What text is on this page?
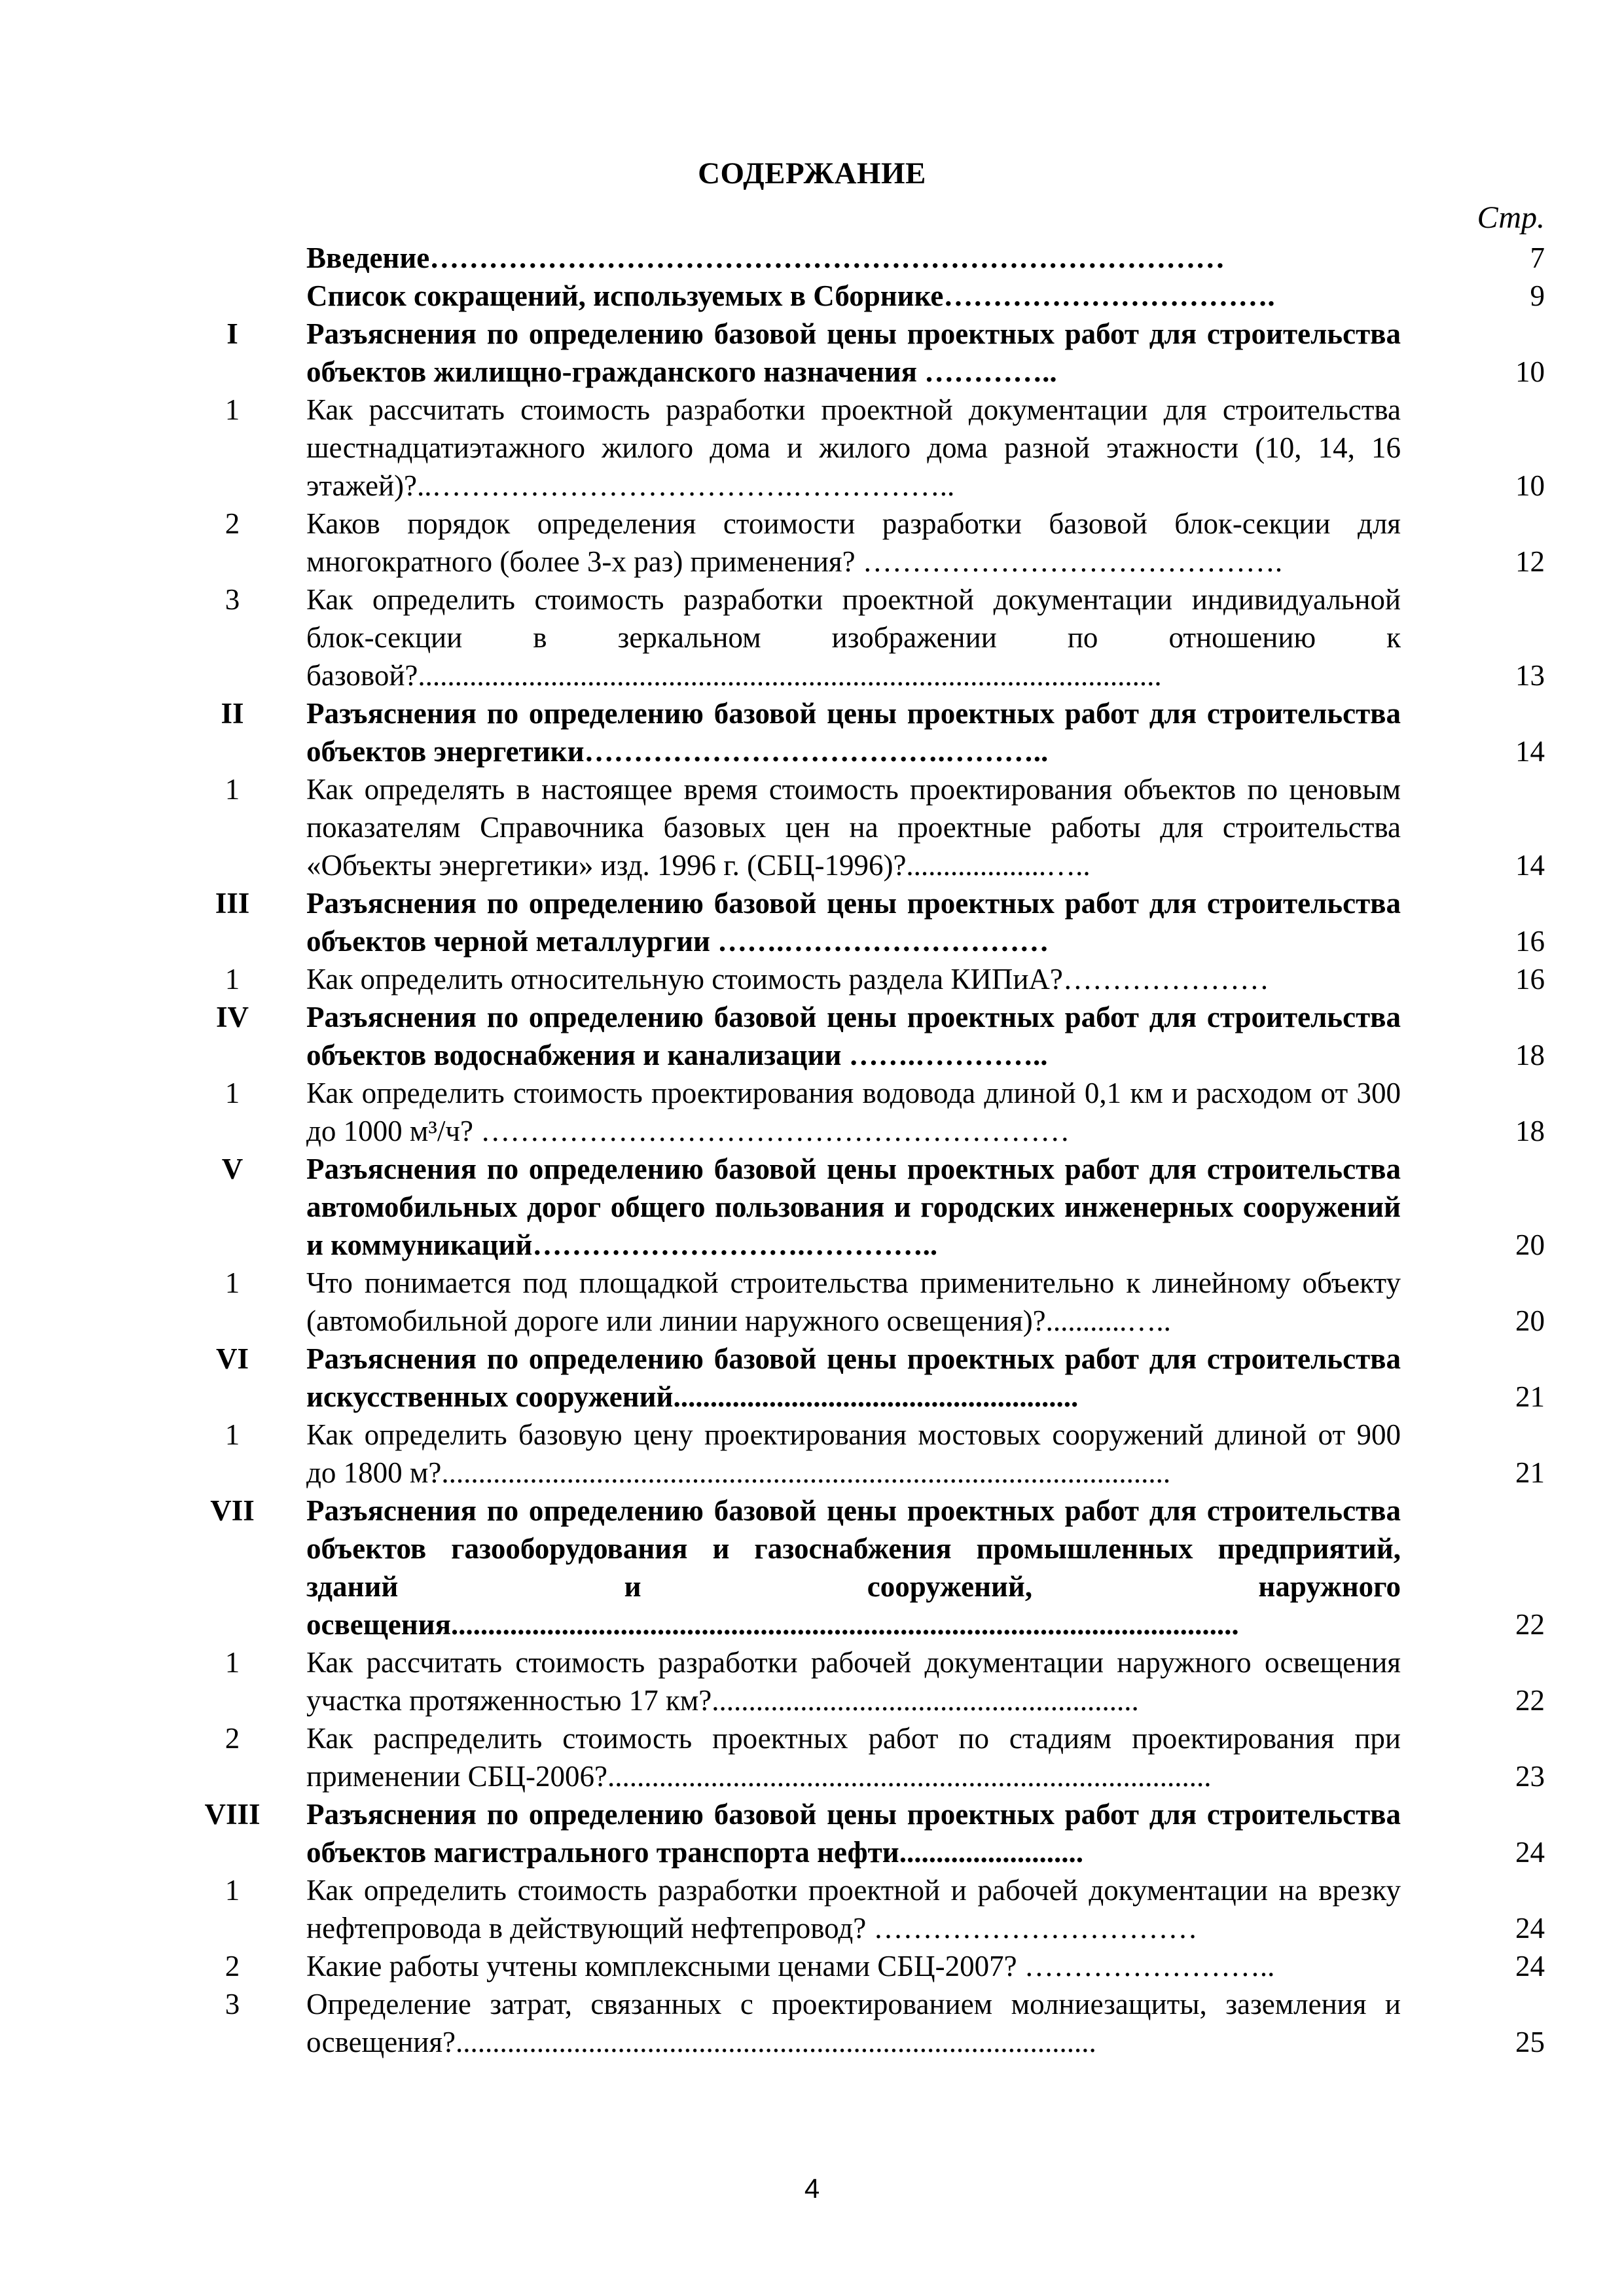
СОДЕРЖАНИЕ
Стр.
Введение………………………………………………………………………	7
Список сокращений, используемых в Сборнике…………………………….	9
I	Разъяснения по определению базовой цены проектных работ для строительства объектов жилищно-гражданского назначения …………..	10
1	Как рассчитать стоимость разработки проектной документации для строительства шестнадцатиэтажного жилого дома и жилого дома разной этажности (10, 14, 16 этажей)?..……………………………….……………..	10
2	Каков порядок определения стоимости разработки базовой блок-секции для многократного (более 3-х раз) применения? …………………………………….	12
3	Как определить стоимость разработки проектной документации индивидуальной блок-секции в зеркальном изображении по отношению к базовой?.....................................................................................................	13
II	Разъяснения по определению базовой цены проектных работ для строительства объектов энергетики……………………………….………..	14
1	Как определять в настоящее время стоимость проектирования объектов по ценовым показателям Справочника базовых цен на проектные работы для строительства «Объекты энергетики» изд. 1996 г. (СБЦ-1996)?...................…..	14
III	Разъяснения по определению базовой цены проектных работ для строительства объектов черной металлургии …….………………………	16
1	Как определить относительную стоимость раздела КИПиА?…………………	16
IV	Разъяснения по определению базовой цены проектных работ для строительства объектов водоснабжения и канализации …….…………..	18
1	Как определить стоимость проектирования водовода длиной 0,1 км и расходом от 300 до 1000 м³/ч? ……………………………………………………	18
V	Разъяснения по определению базовой цены проектных работ для строительства автомобильных дорог общего пользования и городских инженерных сооружений и коммуникаций……………………….…………..	20
1	Что понимается под площадкой строительства применительно к линейному объекту (автомобильной дороге или линии наружного освещения)?...........…..	20
VI	Разъяснения по определению базовой цены проектных работ для строительства искусственных сооружений.......................................................	21
1	Как определить базовую цену проектирования мостовых сооружений длиной от 900 до 1800 м?...................................................................................................	21
VII	Разъяснения по определению базовой цены проектных работ для строительства объектов газооборудования и газоснабжения промышленных предприятий, зданий и сооружений, наружного освещения...........................................................................................................	22
1	Как рассчитать стоимость разработки рабочей документации наружного освещения участка протяженностью 17 км?..........................................................	22
2	Как распределить стоимость проектных работ по стадиям проектирования при применении СБЦ-2006?..................................................................................	23
VIII	Разъяснения по определению базовой цены проектных работ для строительства объектов магистрального транспорта нефти.........................	24
1	Как определить стоимость разработки проектной и рабочей документации на врезку нефтепровода в действующий нефтепровод? ……………………………	24
2	Какие работы учтены комплексными ценами СБЦ-2007? ……………………..	24
3	Определение затрат, связанных с проектированием молниезащиты, заземления и освещения?.......................................................................................	25
4
